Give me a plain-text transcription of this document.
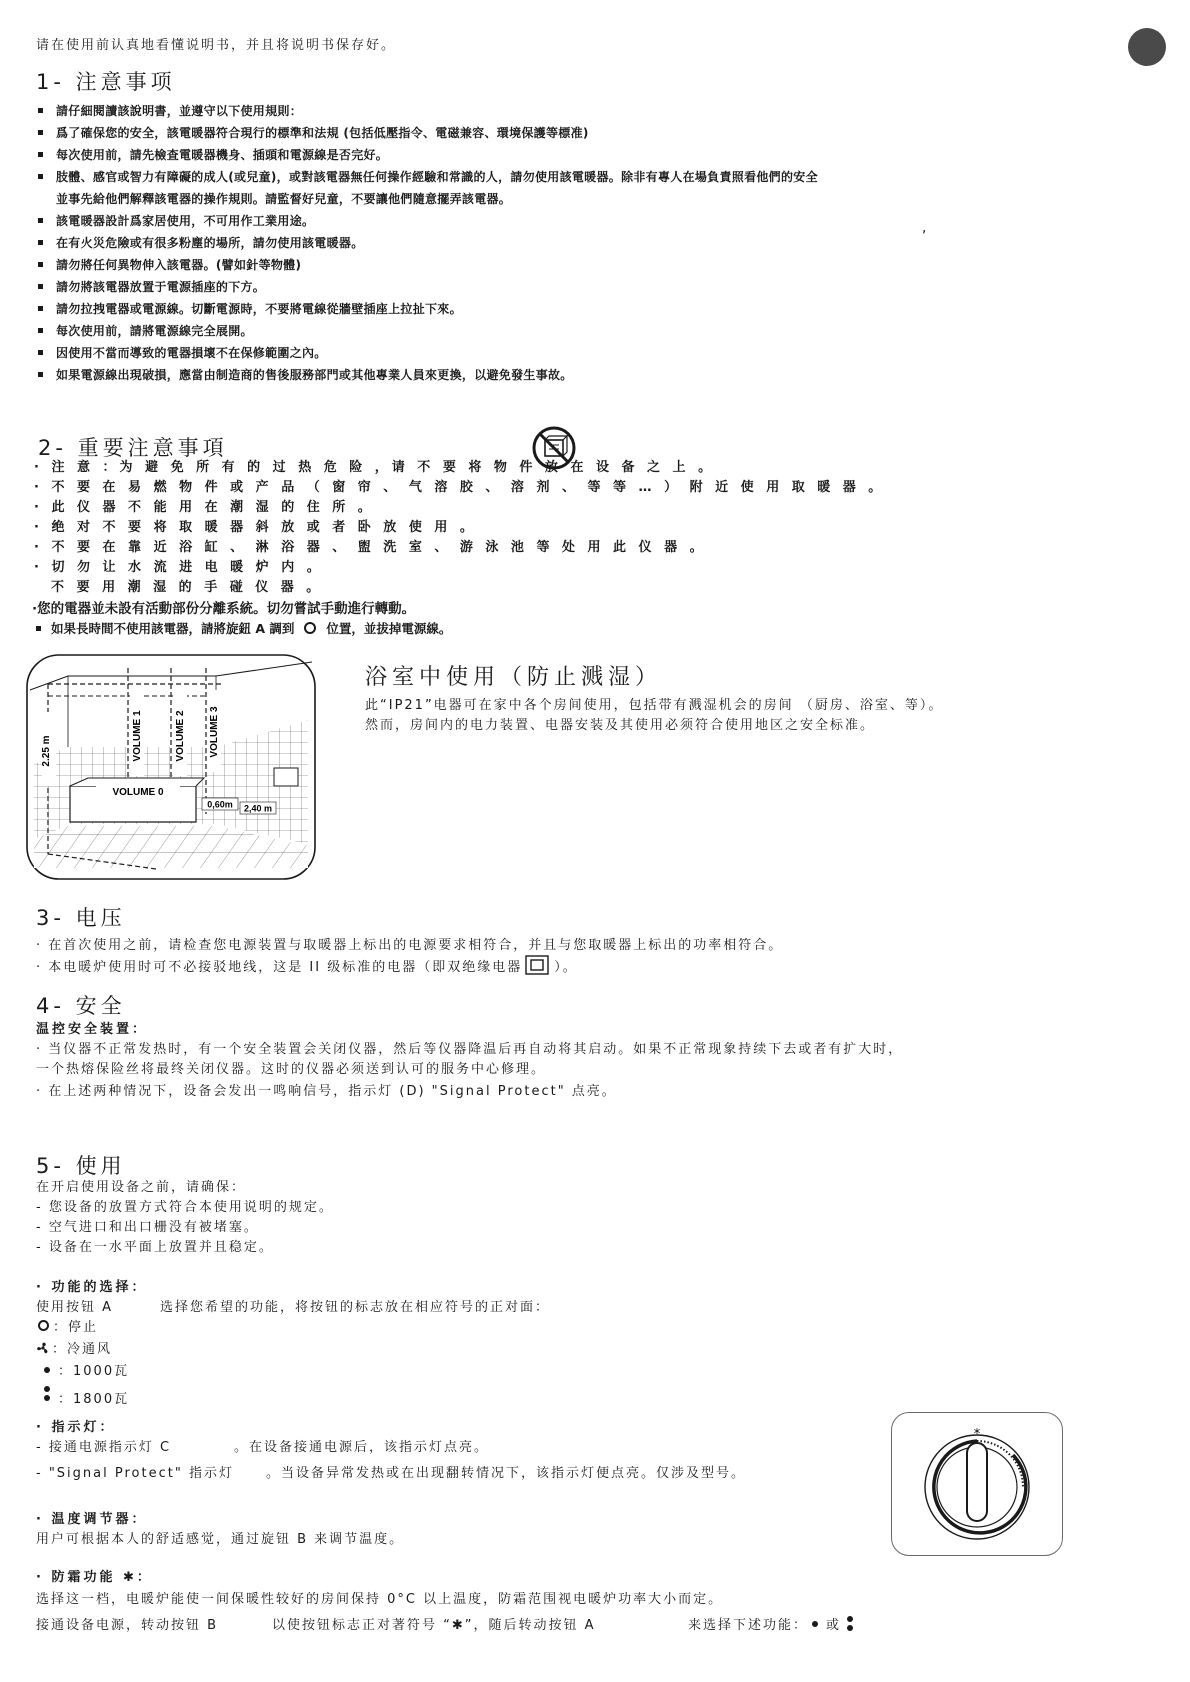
请在使用前认真地看懂说明书，并且将说明书保存好。
1- 注意事项
請仔細閱讀該說明書，並遵守以下使用規則：
爲了確保您的安全，該電暖器符合現行的標準和法規 (包括低壓指令、電磁兼容、環境保護等標准)
每次使用前，請先檢查電暖器機身、插頭和電源線是否完好。
肢體、感官或智力有障礙的成人(或兒童)，或對該電器無任何操作經驗和常識的人，請勿使用該電暖器。除非有專人在場負責照看他們的安全
並事先給他們解釋該電器的操作規則。請監督好兒童，不要讓他們隨意擺弄該電器。
該電暖器設計爲家居使用，不可用作工業用途。
在有火災危險或有很多粉塵的場所，請勿使用該電暖器。
請勿將任何異物伸入該電器。(譬如針等物體)
請勿將該電器放置于電源插座的下方。
請勿拉拽電器或電源線。切斷電源時，不要將電線從牆壁插座上拉扯下來。
每次使用前，請將電源線完全展開。
因使用不當而導致的電器損壞不在保修範圍之內。
如果電源線出現破損，應當由制造商的售後服務部門或其他專業人員來更換，以避免發生事故。
,
2- 重要注意事項
· 注 意 ：为 避 免 所 有 的 过 热 危 险 ，请 不 要 将 物 件 放 在 设 备 之 上 。
· 不 要 在 易 燃 物 件 或 产 品 （ 窗 帘 、 气 溶 胶 、 溶 剂 、 等 等 … ） 附 近 使 用 取 暖 器 。
· 此 仪 器 不 能 用 在 潮 湿 的 住 所 。
· 绝 对 不 要 将 取 暖 器 斜 放 或 者 卧 放 使 用 。
· 不 要 在 靠 近 浴 缸 、 淋 浴 器 、 盥 洗 室 、 游 泳 池 等 处 用 此 仪 器 。
· 切 勿 让 水 流 进 电 暖 炉 内 。
不 要 用 潮 湿 的 手 碰 仪 器 。
·您的電器並未設有活動部份分離系統。切勿嘗試手動進行轉動。
如果長時間不使用該電器，請將旋鈕 A 調到	位置，並拔掉電源線。
2.25 m	VOLUME 1	VOLUME 2 VOLUME 3
VOLUME 0
0,60m 2,40 m
浴室中使用（防止溅湿）
此“IP21”电器可在家中各个房间使用，包括带有溅湿机会的房间 （厨房、浴室、等）。
然而，房间内的电力装置、电器安装及其使用必须符合使用地区之安全标准。
3- 电压
· 在首次使用之前，请检查您电源装置与取暖器上标出的电源要求相符合，并且与您取暖器上标出的功率相符合。
· 本电暖炉使用时可不必接驳地线，这是 II 级标准的电器（即双绝缘电器 ）。
4- 安全
温控安全装置：
· 当仪器不正常发热时，有一个安全装置会关闭仪器，然后等仪器降温后再自动将其启动。如果不正常现象持续下去或者有扩大时，
一个热熔保险丝将最终关闭仪器。这时的仪器必须送到认可的服务中心修理。
· 在上述两种情况下，设备会发出一鸣响信号，指示灯 (D) "Signal Protect" 点亮。
5- 使用
在开启使用设备之前，请确保：
- 您设备的放置方式符合本使用说明的规定。
- 空气进口和出口栅没有被堵塞。
- 设备在一水平面上放置并且稳定。
· 功能的选择：
使用按钮 A	选择您希望的功能，将按钮的标志放在相应符号的正对面：
：停止
：冷通风
：1000瓦
：1800瓦
· 指示灯：
- 接通电源指示灯 C	。在设备接通电源后，该指示灯点亮。
- "Signal Protect" 指示灯 。当设备异常发热或在出现翻转情况下，该指示灯便点亮。仅涉及型号。
· 温度调节器：
用户可根据本人的舒适感觉，通过旋钮 B 来调节温度。
· 防霜功能 ✱：
选择这一档，电暖炉能使一间保暖性较好的房间保持 0°C 以上温度，防霜范围视电暖炉功率大小而定。
接通设备电源，转动按钮 B	以使按钮标志正对著符号 “✱”，随后转动按钮 A	来选择下述功能： 或
*
